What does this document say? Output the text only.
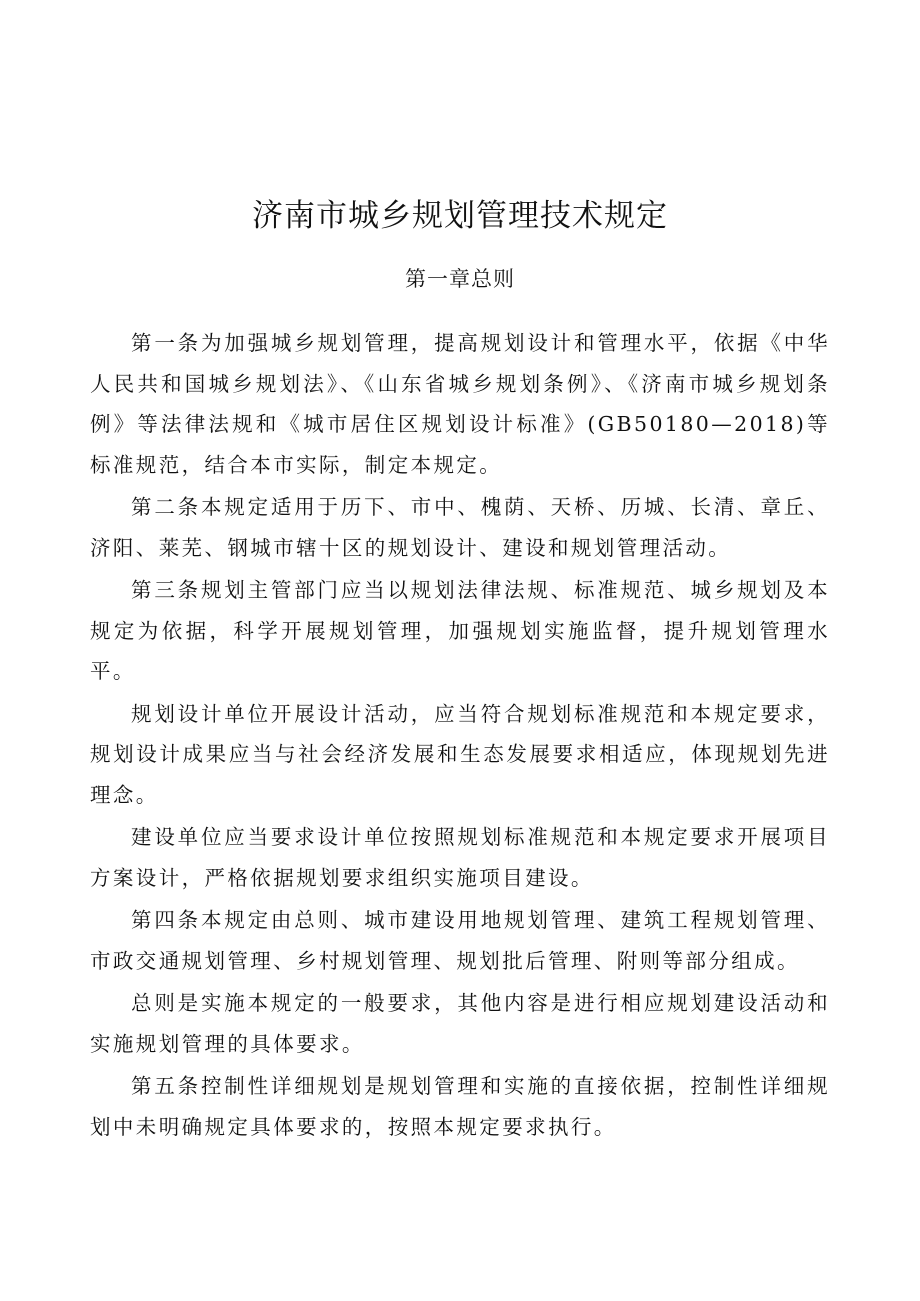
济南市城乡规划管理技术规定
第一章总则

第一条为加强城乡规划管理，提高规划设计和管理水平，依据《中华人民共和国城乡规划法》、《山东省城乡规划条例》、《济南市城乡规划条例》等法律法规和《城市居住区规划设计标准》(GB50180—2018)等标准规范，结合本市实际，制定本规定。

第二条本规定适用于历下、市中、槐荫、天桥、历城、长清、章丘、济阳、莱芜、钢城市辖十区的规划设计、建设和规划管理活动。

第三条规划主管部门应当以规划法律法规、标准规范、城乡规划及本规定为依据，科学开展规划管理，加强规划实施监督，提升规划管理水平。

规划设计单位开展设计活动，应当符合规划标准规范和本规定要求，规划设计成果应当与社会经济发展和生态发展要求相适应，体现规划先进理念。

建设单位应当要求设计单位按照规划标准规范和本规定要求开展项目方案设计，严格依据规划要求组织实施项目建设。

第四条本规定由总则、城市建设用地规划管理、建筑工程规划管理、市政交通规划管理、乡村规划管理、规划批后管理、附则等部分组成。

总则是实施本规定的一般要求，其他内容是进行相应规划建设活动和实施规划管理的具体要求。

第五条控制性详细规划是规划管理和实施的直接依据，控制性详细规划中未明确规定具体要求的，按照本规定要求执行。
